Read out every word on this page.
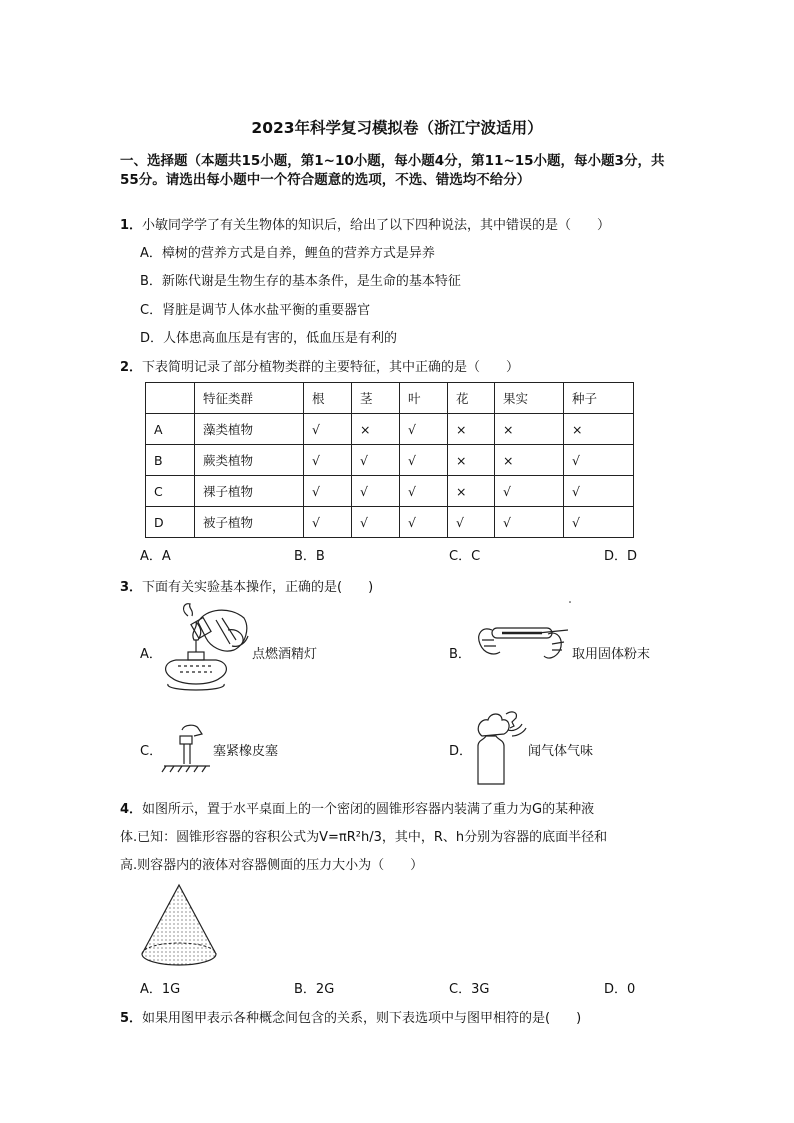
2023年科学复习模拟卷（浙江宁波适用）
一、选择题（本题共15小题，第1~10小题，每小题4分，第11~15小题，每小题3分，共 55分。请选出每小题中一个符合题意的选项，不选、错选均不给分）
1．小敏同学学了有关生物体的知识后，给出了以下四种说法，其中错误的是（　　）
A．樟树的营养方式是自养，鲤鱼的营养方式是异养
B．新陈代谢是生物生存的基本条件，是生命的基本特征
C．肾脏是调节人体水盐平衡的重要器官
D．人体患高血压是有害的，低血压是有利的
2．下表简明记录了部分植物类群的主要特征，其中正确的是（　　）
	特征类群	根	茎	叶	花	果实	种子
A	藻类植物	√	×	√	×	×	×
B	蕨类植物	√	√	√	×	×	√
C	裸子植物	√	√	√	×	√	√
D	被子植物	√	√	√	√	√	√
A．A	B．B	C．C	D．D
3．下面有关实验基本操作，正确的是(　　)
A．	点燃酒精灯	B．	取用固体粉末
C．	塞紧橡皮塞	D．	闻气体气味
4．如图所示，置于水平桌面上的一个密闭的圆锥形容器内装满了重力为G的某种液
体.已知：圆锥形容器的容积公式为V=πR²h/3，其中，R、h分别为容器的底面半径和
高.则容器内的液体对容器侧面的压力大小为（　　）
A．1G	B．2G	C．3G	D．0
5．如果用图甲表示各种概念间包含的关系，则下表选项中与图甲相符的是(　　)
